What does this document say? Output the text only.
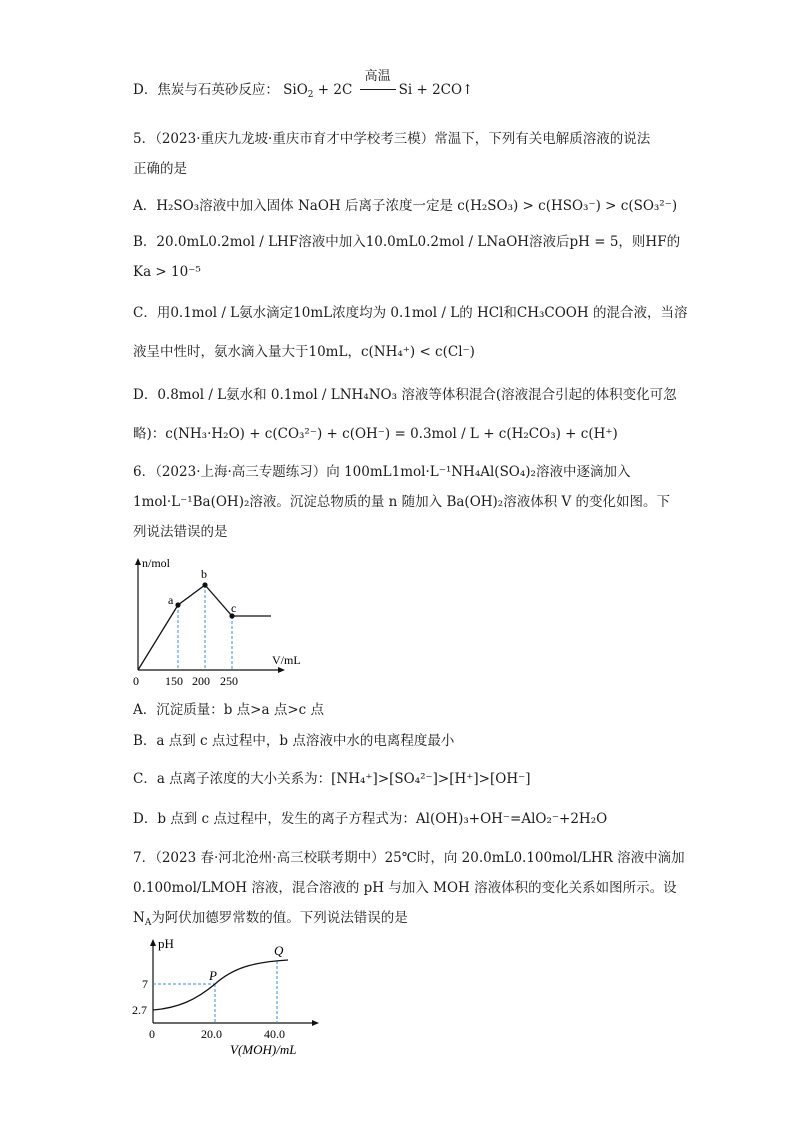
D．焦炭与石英砂反应： SiO$_2$ + 2C
高温
Si + 2CO↑
5．（2023·重庆九龙坡·重庆市育才中学校考三模）常温下，下列有关电解质溶液的说法
正确的是
A．H₂SO₃溶液中加入固体 NaOH 后离子浓度一定是 c(H₂SO₃) > c(HSO₃⁻) > c(SO₃²⁻)
B．20.0mL0.2mol / LHF溶液中加入10.0mL0.2mol / LNaOH溶液后pH = 5，则HF的
Ka > 10⁻⁵
C．用0.1mol / L氨水滴定10mL浓度均为 0.1mol / L的 HCl和CH₃COOH 的混合液，当溶
液呈中性时，氨水滴入量大于10mL，c(NH₄⁺) < c(Cl⁻)
D．0.8mol / L氨水和 0.1mol / LNH₄NO₃ 溶液等体积混合(溶液混合引起的体积变化可忽
略)：c(NH₃·H₂O) + c(CO₃²⁻) + c(OH⁻) = 0.3mol / L + c(H₂CO₃) + c(H⁺)
6．（2023·上海·高三专题练习）向 100mL1mol·L⁻¹NH₄Al(SO₄)₂溶液中逐滴加入
1mol·L⁻¹Ba(OH)₂溶液。沉淀总物质的量 n 随加入 Ba(OH)₂溶液体积 V 的变化如图。下
列说法错误的是
n/mol
V/mL
0 150 200 250
a
b
c
A．沉淀质量：b 点>a 点>c 点
B．a 点到 c 点过程中，b 点溶液中水的电离程度最小
C．a 点离子浓度的大小关系为：[NH₄⁺]>[SO₄²⁻]>[H⁺]>[OH⁻]
D．b 点到 c 点过程中，发生的离子方程式为：Al(OH)₃+OH⁻=AlO₂⁻+2H₂O
7．（2023 春·河北沧州·高三校联考期中）25℃时，向 20.0mL0.100mol/LHR 溶液中滴加
0.100mol/LMOH 溶液，混合溶液的 pH 与加入 MOH 溶液体积的变化关系如图所示。设
$N_A$为阿伏加德罗常数的值。下列说法错误的是
pH
V(MOH)/mL
0
7
2.7
20.0	40.0
P
Q
